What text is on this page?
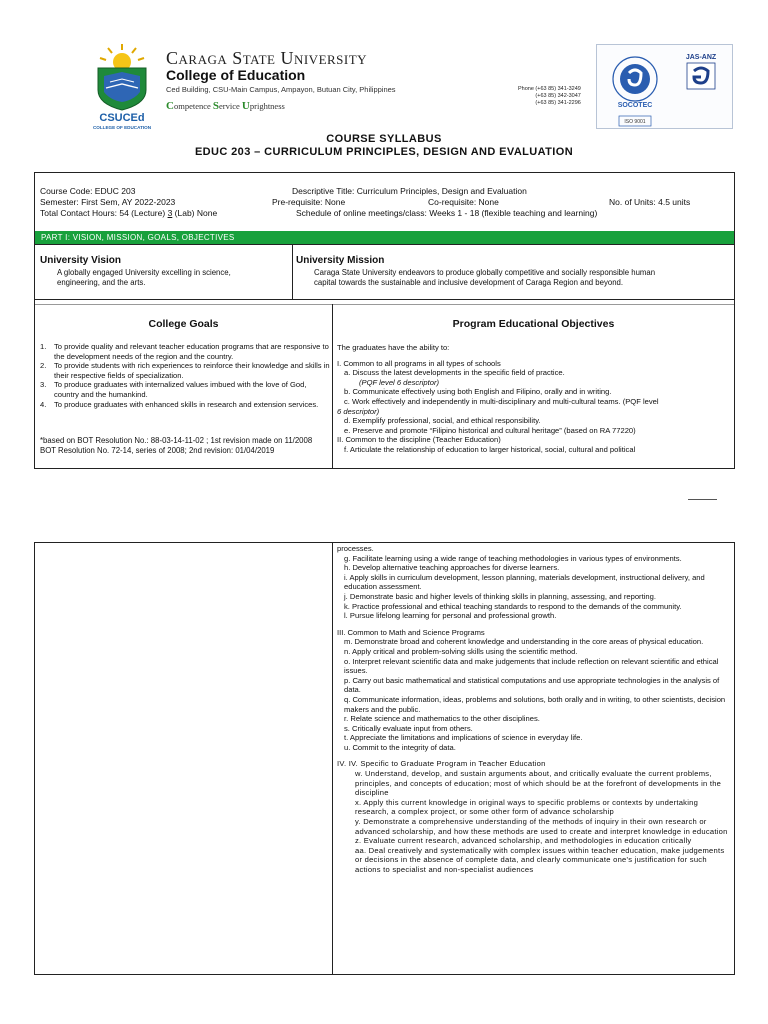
CSUCEd
COLLEGE OF EDUCATION
Caraga State University
College of Education
Ced Building, CSU-Main Campus, Ampayon, Butuan City, Philippines
Competence Service Uprightness
Phone (+63 85) 341-3249
(+63 85) 342-3047
(+63 85) 341-2296	SOCOTEC
ISO 9001
JAS-ANZ
COURSE SYLLABUS
EDUC 203 – CURRICULUM PRINCIPLES, DESIGN AND EVALUATION
Course Code: EDUC 203	Descriptive Title: Curriculum Principles, Design and Evaluation
Semester: First Sem, AY 2022-2023	Pre-requisite: None	Co-requisite: None	No. of Units: 4.5 units
Total Contact Hours: 54 (Lecture) 3 (Lab) None	Schedule of online meetings/class: Weeks 1 - 18 (flexible teaching and learning)
PART I: VISION, MISSION, GOALS, OBJECTIVES
University Vision
A globally engaged University excelling in science,
engineering, and the arts.
University Mission
Caraga State University endeavors to produce globally competitive and socially responsible human
capital towards the sustainable and inclusive development of Caraga Region and beyond.
College Goals	Program Educational Objectives
1. To provide quality and relevant teacher education programs that are responsive to the development needs of the region and the country.
2. To provide students with rich experiences to reinforce their knowledge and skills in their respective fields of specialization.
3. To produce graduates with internalized values imbued with the love of God, country and the humankind.
4. To produce graduates with enhanced skills in research and extension services.
*based on BOT Resolution No.: 88-03-14-11-02 ; 1st revision made on 11/2008
BOT Resolution No. 72-14, series of 2008; 2nd revision: 01/04/2019
The graduates have the ability to:
I. Common to all programs in all types of schools
a. Discuss the latest developments in the specific field of practice.
(PQF level 6 descriptor)
b. Communicate effectively using both English and Filipino, orally and in writing.
c. Work effectively and independently in multi-disciplinary and multi-cultural teams. (PQF level
6 descriptor)
d. Exemplify professional, social, and ethical responsibility.
e. Preserve and promote “Filipino historical and cultural heritage” (based on RA 77220)
II. Common to the discipline (Teacher Education)
f. Articulate the relationship of education to larger historical, social, cultural and political
processes.
g. Facilitate learning using a wide range of teaching methodologies in various types of environments.
h. Develop alternative teaching approaches for diverse learners.
i. Apply skills in curriculum development, lesson planning, materials development, instructional delivery, and education assessment.
j. Demonstrate basic and higher levels of thinking skills in planning, assessing, and reporting.
k. Practice professional and ethical teaching standards to respond to the demands of the community.
l. Pursue lifelong learning for personal and professional growth.
III. Common to Math and Science Programs
m. Demonstrate broad and coherent knowledge and understanding in the core areas of physical education.
n. Apply critical and problem-solving skills using the scientific method.
o. Interpret relevant scientific data and make judgements that include reflection on relevant scientific and ethical issues.
p. Carry out basic mathematical and statistical computations and use appropriate technologies in the analysis of data.
q. Communicate information, ideas, problems and solutions, both orally and in writing, to other scientists, decision makers and the public.
r. Relate science and mathematics to the other disciplines.
s. Critically evaluate input from others.
t. Appreciate the limitations and implications of science in everyday life.
u. Commit to the integrity of data.
IV. IV. Specific to Graduate Program in Teacher Education
w. Understand, develop, and sustain arguments about, and critically evaluate the current problems, principles, and concepts of education; most of which should be at the forefront of developments in the discipline
x. Apply this current knowledge in original ways to specific problems or contexts by undertaking research, a complex project, or some other form of advance scholarship
y. Demonstrate a comprehensive understanding of the methods of inquiry in their own research or advanced scholarship, and how these methods are used to create and interpret knowledge in education
z. Evaluate current research, advanced scholarship, and methodologies in education critically
aa. Deal creatively and systematically with complex issues within teacher education, make judgements or decisions in the absence of complete data, and clearly communicate one's justification for such actions to specialist and non-specialist audiences
